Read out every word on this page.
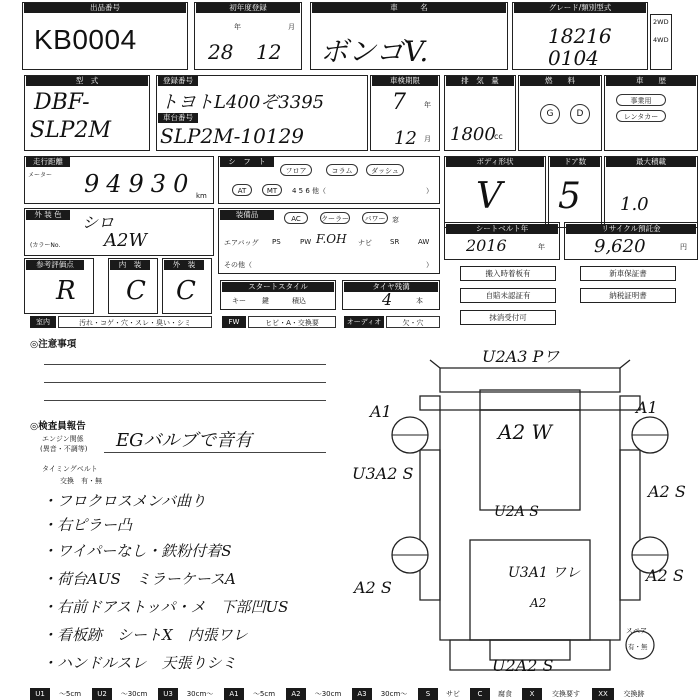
KB0004
出品番号	初年度登録
年	月
28 12
車　　　名
ボンゴV.
グレード/類別型式
18216
0104
2WD
4WD
型　式
DBF-
SLP2M
登録番号
トヨトL400ぞ3395
車台番号
SLP2M-10129
車検期限
7	年
12 月
排　気　量
1800
cc
燃　　料
G	D
車　　歴
事業用
レンタカー
走行距離
メーター 94930 km
シ　フ　ト
フロア	コラム	ダッシュ
AT	MT	4 5 6 他（	）
ボディ形状
V
ドア数
5
最大積載
1.0
外 装 色	シロ
(カラーNo. A2W
装備品	AC	クーラー	パワー 窓
エアバッグ PS	PW F.OH ナビ	SR	AW
その他（	）
シートベルト年
2016	年
リサイクル預託金
9,620	円
参考評価点
R
内　装
C
外　装
C	スタートスタイル
キー 鍵	積込
タイヤ残溝
4	本
搬入時着板有
自賠未認証有
抹消受付可
新車保証書
納税証明書
室内	汚れ・コゲ・穴・スレ・臭い・シミ	FW	ヒビ・A・交換要	オーディオ	欠・穴
◎注意事項
◎検査員報告
エンジン関係
(異音・不調等) EGバルブで音有
タイミングベルト
交換　有・無
・フロクロスメンバ曲り
・右ピラー凸
・ワイパーなし・鉄粉付着S
・荷台AUS　ミラーケースA
・右前ドアストッパ・メ　下部凹US
・看板跡　シートX　内張ワレ
・ハンドルスレ　天張りシミ
U2A3 Pワ
A2 W
A1	A1
U3A2 S
A2 S
A2 S
A2 S
U2A S
U3A1 ワレ
A2
U2A2 S
スペア
有・無
U1	～5cm	U2	～30cm	U3	30cm～	A1	～5cm	A2	～30cm	A3	30cm～	S	サビ	C	腐食	X	交換要す	XX	交換跡
